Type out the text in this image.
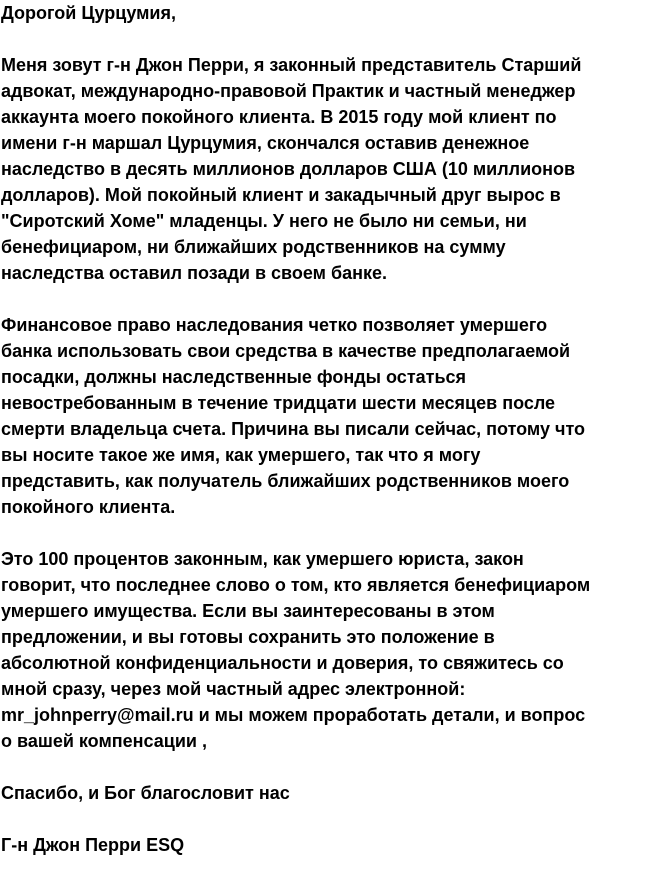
Дорогой Цурцумия,
Меня зовут г-н Джон Перри, я законный представитель Старший
адвокат, международно-правовой Практик и частный менеджер
аккаунта моего покойного клиента. В 2015 году мой клиент по
имени г-н маршал Цурцумия, скончался оставив денежное
наследство в десять миллионов долларов США (10 миллионов
долларов). Мой покойный клиент и закадычный друг вырос в
"Сиротский Хоме" младенцы. У него не было ни семьи, ни
бенефициаром, ни ближайших родственников на сумму
наследства оставил позади в своем банке.
Финансовое право наследования четко позволяет умершего
банка использовать свои средства в качестве предполагаемой
посадки, должны наследственные фонды остаться
невостребованным в течение тридцати шести месяцев после
смерти владельца счета. Причина вы писали сейчас, потому что
вы носите такое же имя, как умершего, так что я могу
представить, как получатель ближайших родственников моего
покойного клиента.
Это 100 процентов законным, как умершего юриста, закон
говорит, что последнее слово о том, кто является бенефициаром
умершего имущества. Если вы заинтересованы в этом
предложении, и вы готовы сохранить это положение в
абсолютной конфиденциальности и доверия, то свяжитесь со
мной сразу, через мой частный адрес электронной:
mr_johnperry@mail.ru и мы можем проработать детали, и вопрос
о вашей компенсации ,
Спасибо, и Бог благословит нас
Г-н Джон Перри ESQ
